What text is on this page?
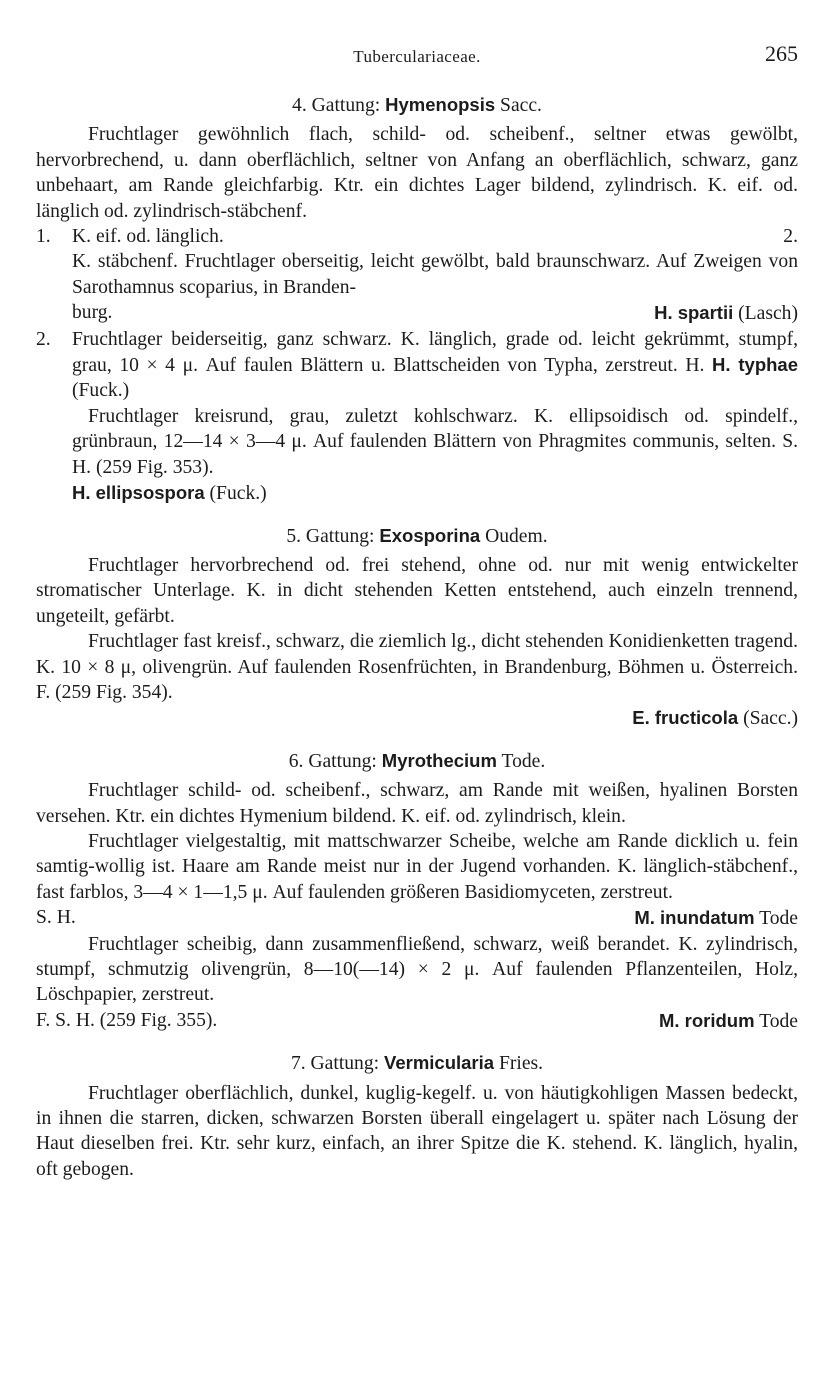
Tuberculariaceae.	265
4. Gattung: Hymenopsis Sacc.
Fruchtlager gewöhnlich flach, schild- od. scheibenf., seltner etwas gewölbt, hervorbrechend, u. dann oberflächlich, seltner von Anfang an oberflächlich, schwarz, ganz unbehaart, am Rande gleichfarbig. Ktr. ein dichtes Lager bildend, zylindrisch. K. eif. od. länglich od. zylindrisch-stäbchenf.
1.	K. eif. od. länglich.	2.
K. stäbchenf. Fruchtlager oberseitig, leicht gewölbt, bald braunschwarz. Auf Zweigen von Sarothamnus scoparius, in Branden-
burg.	H. spartii (Lasch)
2.	Fruchtlager beiderseitig, ganz schwarz. K. länglich, grade od. leicht gekrümmt, stumpf, grau, 10 × 4 μ. Auf faulen Blättern u. Blattscheiden von Typha, zerstreut. H. H. typhae (Fuck.)
Fruchtlager kreisrund, grau, zuletzt kohlschwarz. K. ellipsoidisch od. spindelf., grünbraun, 12—14 × 3—4 μ. Auf faulenden Blättern von Phragmites communis, selten. S. H. (259 Fig. 353).
H. ellipsospora (Fuck.)
5. Gattung: Exosporina Oudem.
Fruchtlager hervorbrechend od. frei stehend, ohne od. nur mit wenig entwickelter stromatischer Unterlage. K. in dicht stehenden Ketten entstehend, auch einzeln trennend, ungeteilt, gefärbt.
Fruchtlager fast kreisf., schwarz, die ziemlich lg., dicht stehenden Konidienketten tragend. K. 10 × 8 μ, olivengrün. Auf faulenden Rosenfrüchten, in Brandenburg, Böhmen u. Österreich. F. (259 Fig. 354).
E. fructicola (Sacc.)
6. Gattung: Myrothecium Tode.
Fruchtlager schild- od. scheibenf., schwarz, am Rande mit weißen, hyalinen Borsten versehen. Ktr. ein dichtes Hymenium bildend. K. eif. od. zylindrisch, klein.
Fruchtlager vielgestaltig, mit mattschwarzer Scheibe, welche am Rande dicklich u. fein samtig-wollig ist. Haare am Rande meist nur in der Jugend vorhanden. K. länglich-stäbchenf., fast farblos, 3—4 × 1—1,5 μ. Auf faulenden größeren Basidiomyceten, zerstreut.
S. H.	M. inundatum Tode
Fruchtlager scheibig, dann zusammenfließend, schwarz, weiß berandet. K. zylindrisch, stumpf, schmutzig olivengrün, 8—10(—14) × 2 μ. Auf faulenden Pflanzenteilen, Holz, Löschpapier, zerstreut.
F. S. H. (259 Fig. 355).	M. roridum Tode
7. Gattung: Vermicularia Fries.
Fruchtlager oberflächlich, dunkel, kuglig-kegelf. u. von häutigkohligen Massen bedeckt, in ihnen die starren, dicken, schwarzen Borsten überall eingelagert u. später nach Lösung der Haut dieselben frei. Ktr. sehr kurz, einfach, an ihrer Spitze die K. stehend. K. länglich, hyalin, oft gebogen.
